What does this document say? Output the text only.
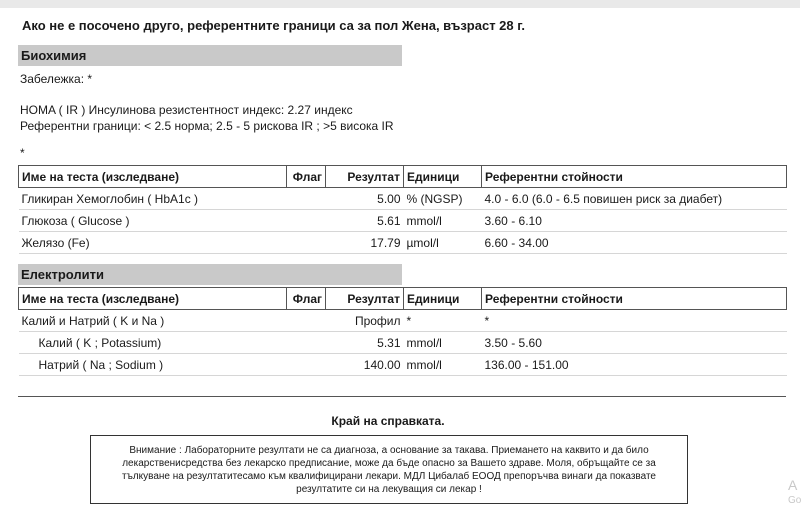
Ако не е посочено друго, референтните граници са за пол Жена, възраст 28 г.
Биохимия
Забележка: *
HOMA ( IR ) Инсулинова резистентност индекс: 2.27 индекс
Референтни граници: < 2.5 норма; 2.5 - 5 рискова IR ; >5 висока IR
*
Име на теста (изследване)	Флаг	Резултат	Единици	Референтни стойности
Гликиран Хемоглобин ( HbA1c )		5.00	% (NGSP)	4.0 - 6.0 (6.0 - 6.5 повишен риск за диабет)
Глюкоза ( Glucose )		5.61	mmol/l	3.60 - 6.10
Желязо (Fe)		17.79	µmol/l	6.60 - 34.00
Електролити
Име на теста (изследване)	Флаг	Резултат	Единици	Референтни стойности
Калий и Натрий ( K и Na )		Профил	*	*
Калий ( K ; Potassium)		5.31	mmol/l	3.50 - 5.60
Натрий ( Na ; Sodium )		140.00	mmol/l	136.00 - 151.00
Край на справката.
Внимание : Лабораторните резултати не са диагноза, а основание за такава. Приемането на каквито и да било лекарствениcредства без лекарско предписание, може да бъде опасно за Вашето здраве. Моля, обръщайте се за тълкуване на резултатитесамо към квалифицирани лекари. МДЛ Цибалаб ЕООД препоръчва винаги да показвате резултатите си на лекуващия си лекар !	A
Go
